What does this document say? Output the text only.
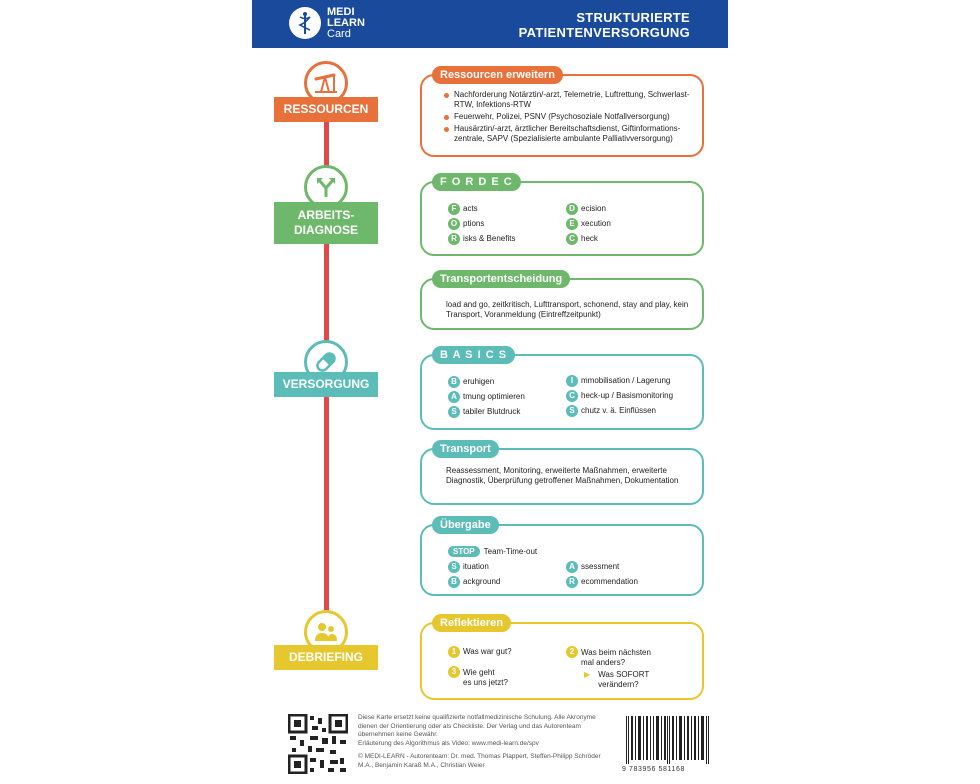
MEDI
LEARN
Card
STRUKTURIERTE
PATIENTENVERSORGUNG
RESSOURCEN
ARBEITS-
DIAGNOSE
VERSORGUNG
DEBRIEFING
Ressourcen erweitern
Nachforderung Notärztin/-arzt, Telemetrie, Luftrettung, Schwerlast-RTW, Infektions-RTW
Feuerwehr, Polizei, PSNV (Psychosoziale Notfallversorgung)
Hausärztin/-arzt, ärztlicher Bereitschaftsdienst, Giftinformations-zentrale, SAPV (Spezialisierte ambulante Palliativversorgung)
F O R D E C
F acts
O ptions
R isks & Benefits
D ecision
E xecution
C heck
Transportentscheidung
load and go, zeitkritisch, Lufttransport, schonend, stay and play, kein Transport, Voranmeldung (Eintreffzeitpunkt)
B A S I C S
B eruhigen
A tmung optimieren
S tabiler Blutdruck
I mmobilisation / Lagerung
C heck-up / Basismonitoring
S chutz v. ä. Einflüssen
Transport
Reassessment, Monitoring, erweiterte Maßnahmen, erweiterte Diagnostik, Überprüfung getroffener Maßnahmen, Dokumentation
Übergabe
STOP	Team-Time-out
S ituation
B ackground
A ssessment
R ecommendation
Reflektieren
1 Was war gut?
3 Wie geht
es uns jetzt?
2 Was beim nächsten
mal anders?
▶ Was SOFORT
verändern?
Diese Karte ersetzt keine qualifizierte notfallmedizinische Schulung. Alle Akronyme dienen der Orientierung oder als Checkliste. Der Verlag und das Autorenteam übernehmen keine Gewähr.
Erläuterung des Algorithmus als Video: www.medi-learn.de/spv
© MEDI-LEARN - Autorenteam: Dr. med. Thomas Plappert, Steffen-Philipp Schröder M.A., Benjamin Karaß M.A., Christian Weier
9 783956 581168
